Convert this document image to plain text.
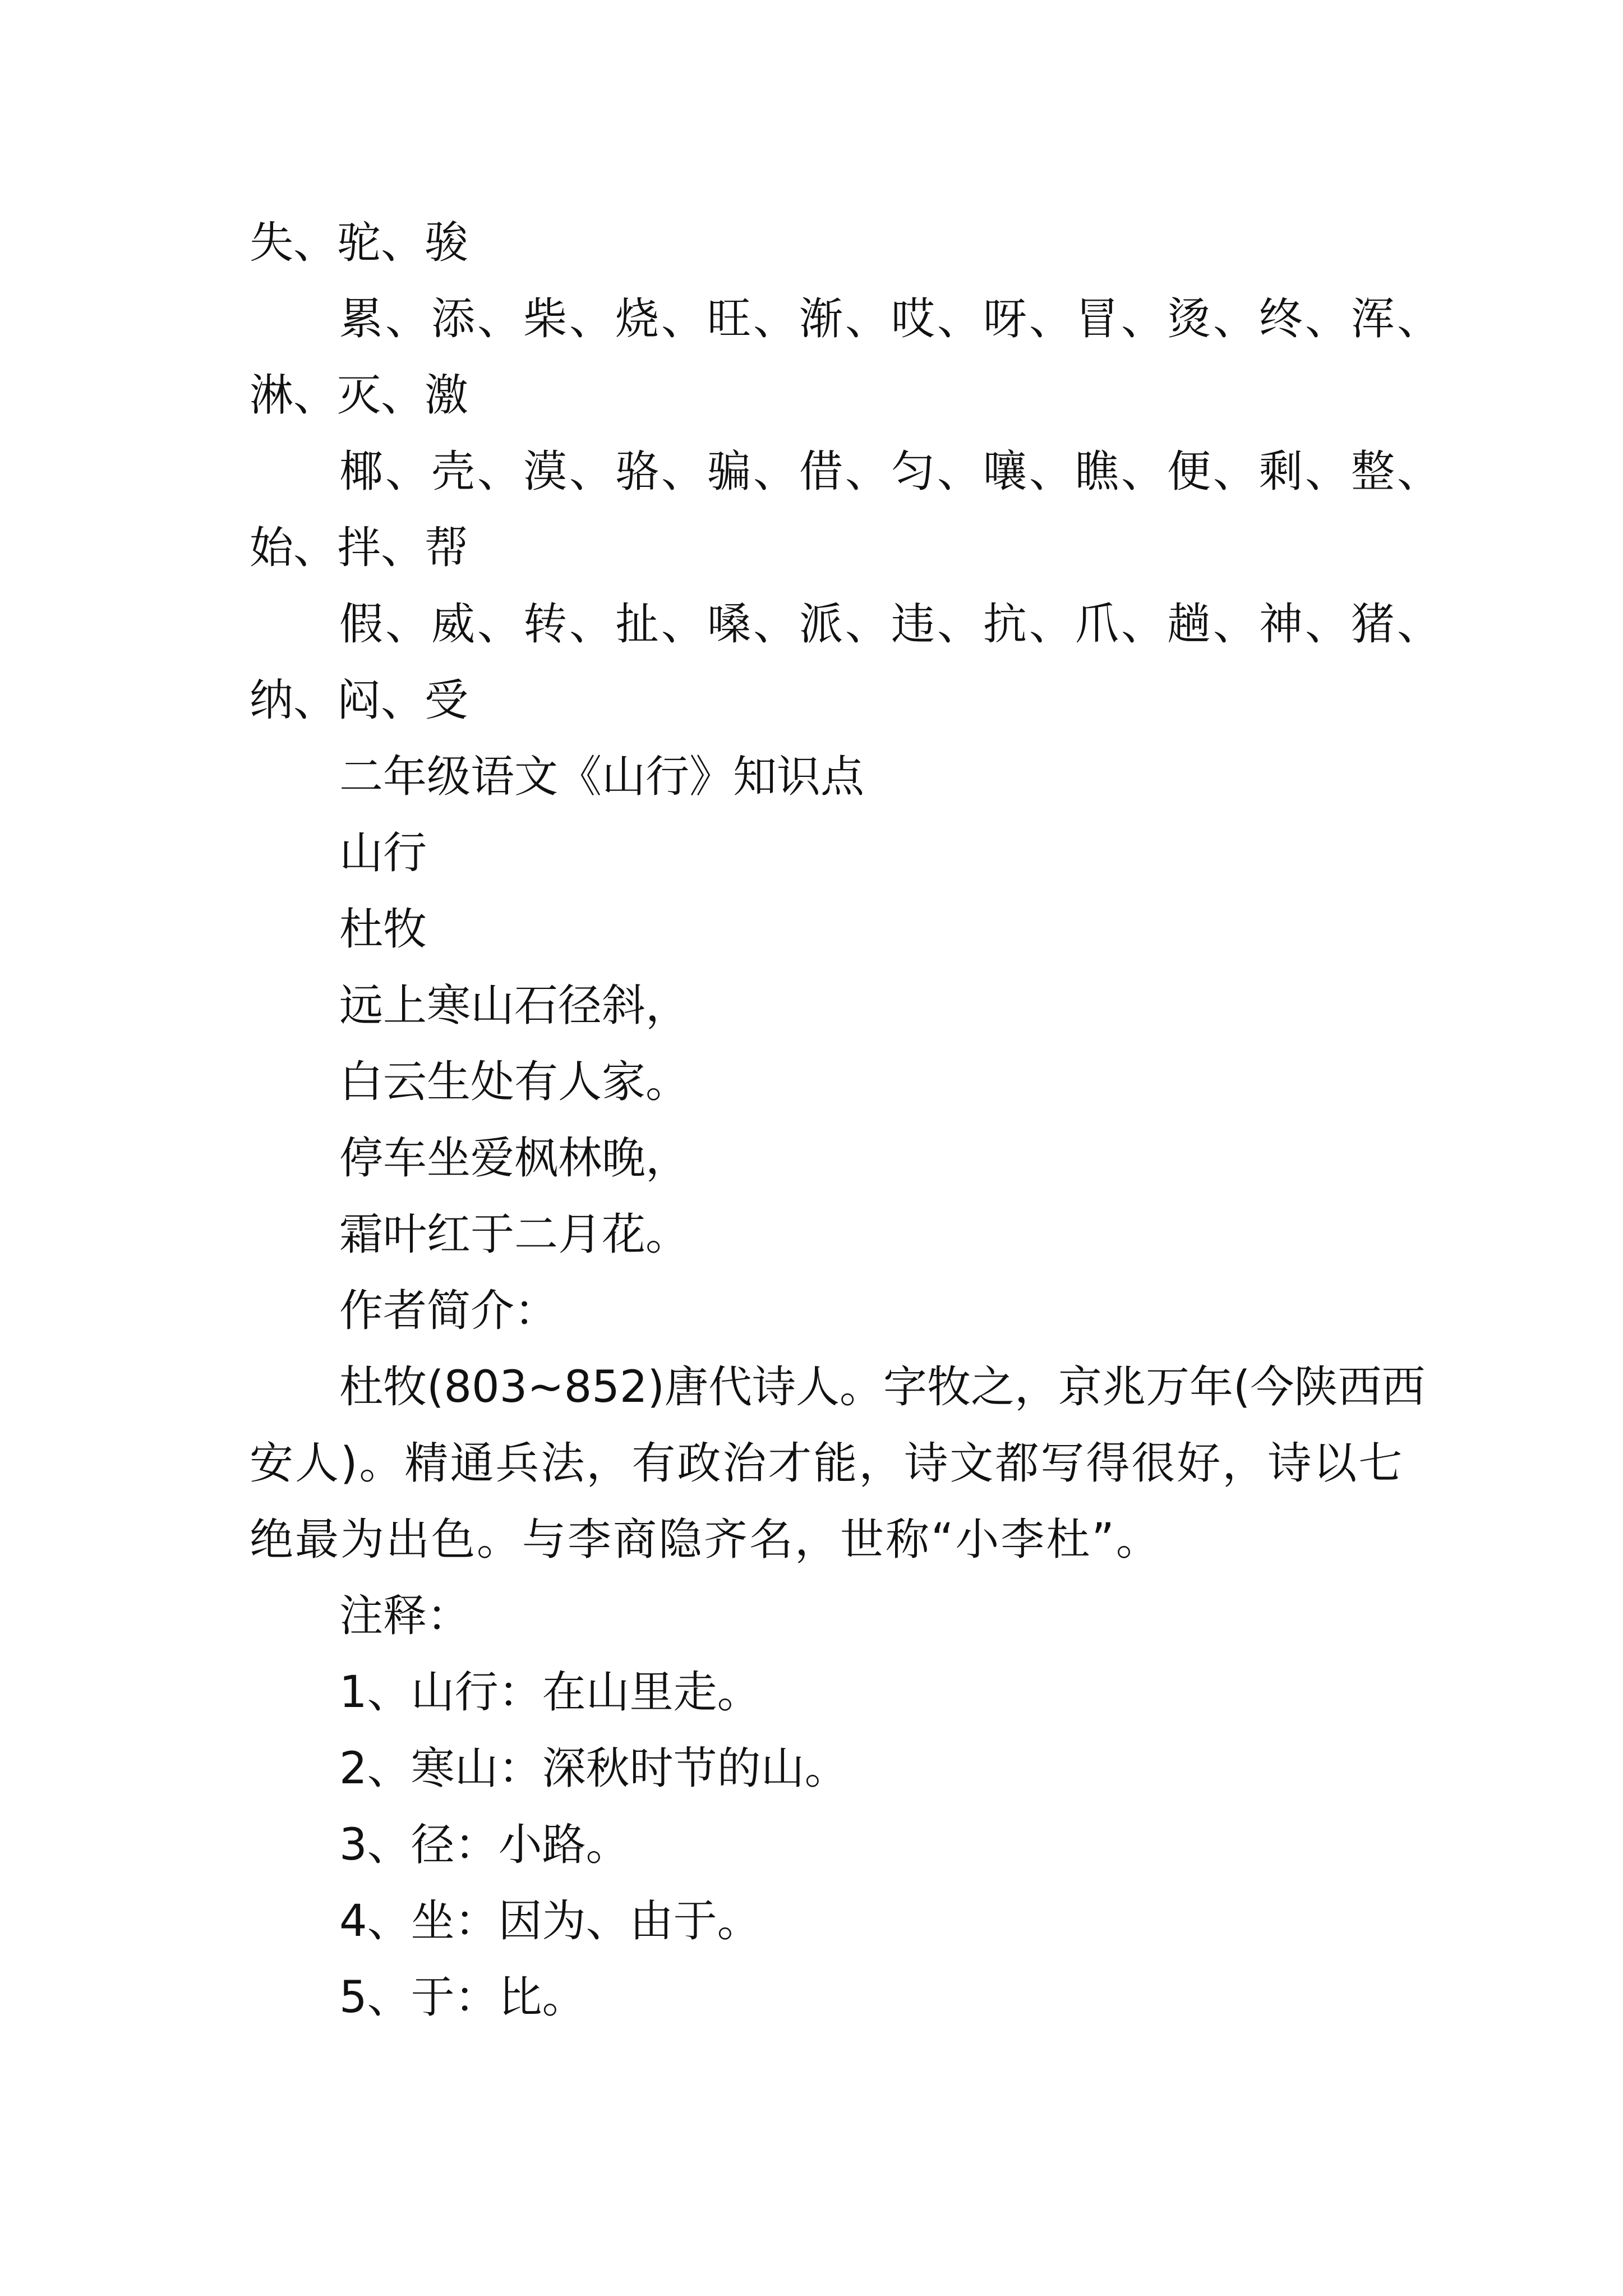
失、驼、骏
累、添、柴、烧、旺、渐、哎、呀、冒、烫、终、浑、
淋、灭、激
椰、壳、漠、骆、骗、借、匀、嚷、瞧、便、剩、整、
始、拌、帮
假、威、转、扯、嗓、派、违、抗、爪、趟、神、猪、
纳、闷、受
二年级语文《山行》知识点
山行
杜牧
远上寒山石径斜，
白云生处有人家。
停车坐爱枫林晚，
霜叶红于二月花。
作者简介：
杜牧(803~852)唐代诗人。字牧之，京兆万年(今陕西西
安人)。精通兵法，有政治才能，诗文都写得很好，诗以七
绝最为出色。与李商隐齐名，世称“小李杜”。
注释：
1、山行：在山里走。
2、寒山：深秋时节的山。
3、径：小路。
4、坐：因为、由于。
5、于：比。
